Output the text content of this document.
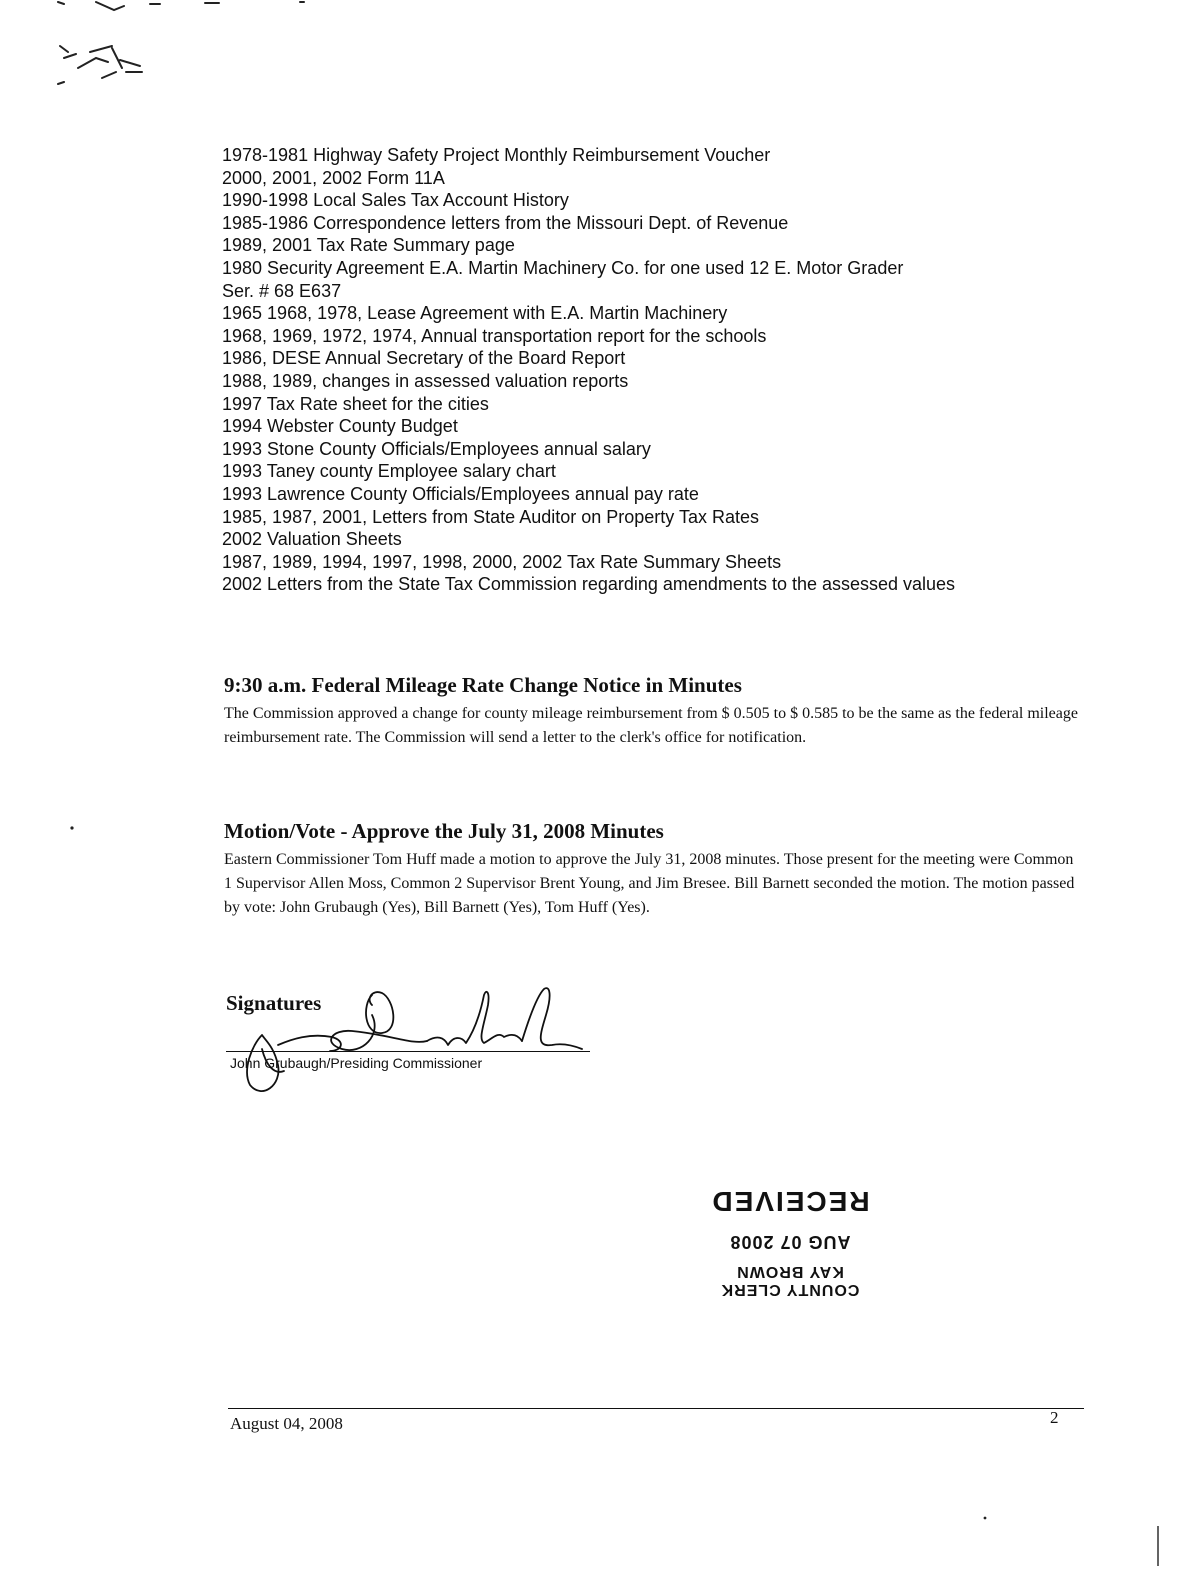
1978-1981 Highway Safety Project Monthly Reimbursement Voucher
2000, 2001, 2002 Form 11A
1990-1998 Local Sales Tax Account History
1985-1986 Correspondence letters from the Missouri Dept. of Revenue
1989, 2001 Tax Rate Summary page
1980 Security Agreement E.A. Martin Machinery Co. for one used 12 E. Motor Grader
Ser. # 68 E637
1965 1968, 1978, Lease Agreement with E.A. Martin Machinery
1968, 1969, 1972, 1974, Annual transportation report for the schools
1986, DESE Annual Secretary of the Board Report
1988, 1989, changes in assessed valuation reports
1997 Tax Rate sheet for the cities
1994 Webster County Budget
1993 Stone County Officials/Employees annual salary
1993 Taney county Employee salary chart
1993 Lawrence County Officials/Employees annual pay rate
1985, 1987, 2001, Letters from State Auditor on Property Tax Rates
2002 Valuation Sheets
1987, 1989, 1994, 1997, 1998, 2000, 2002 Tax Rate Summary Sheets
2002 Letters from the State Tax Commission regarding amendments to the assessed values
9:30 a.m. Federal Mileage Rate Change Notice in Minutes

The Commission approved a change for county mileage reimbursement from $ 0.505 to $ 0.585 to be the same as the federal mileage reimbursement rate. The Commission will send a letter to the clerk's office for notification.

Motion/Vote - Approve the July 31, 2008 Minutes

Eastern Commissioner Tom Huff made a motion to approve the July 31, 2008 minutes. Those present for the meeting were Common 1 Supervisor Allen Moss, Common 2 Supervisor Brent Young, and Jim Bresee. Bill Barnett seconded the motion. The motion passed by vote: John Grubaugh (Yes), Bill Barnett (Yes), Tom Huff (Yes).

Signatures
John Grubaugh/Presiding Commissioner
COUNTY CLERK
KAY BROWN
AUG 07 2008
RECEIVED
August 04, 2008	2
